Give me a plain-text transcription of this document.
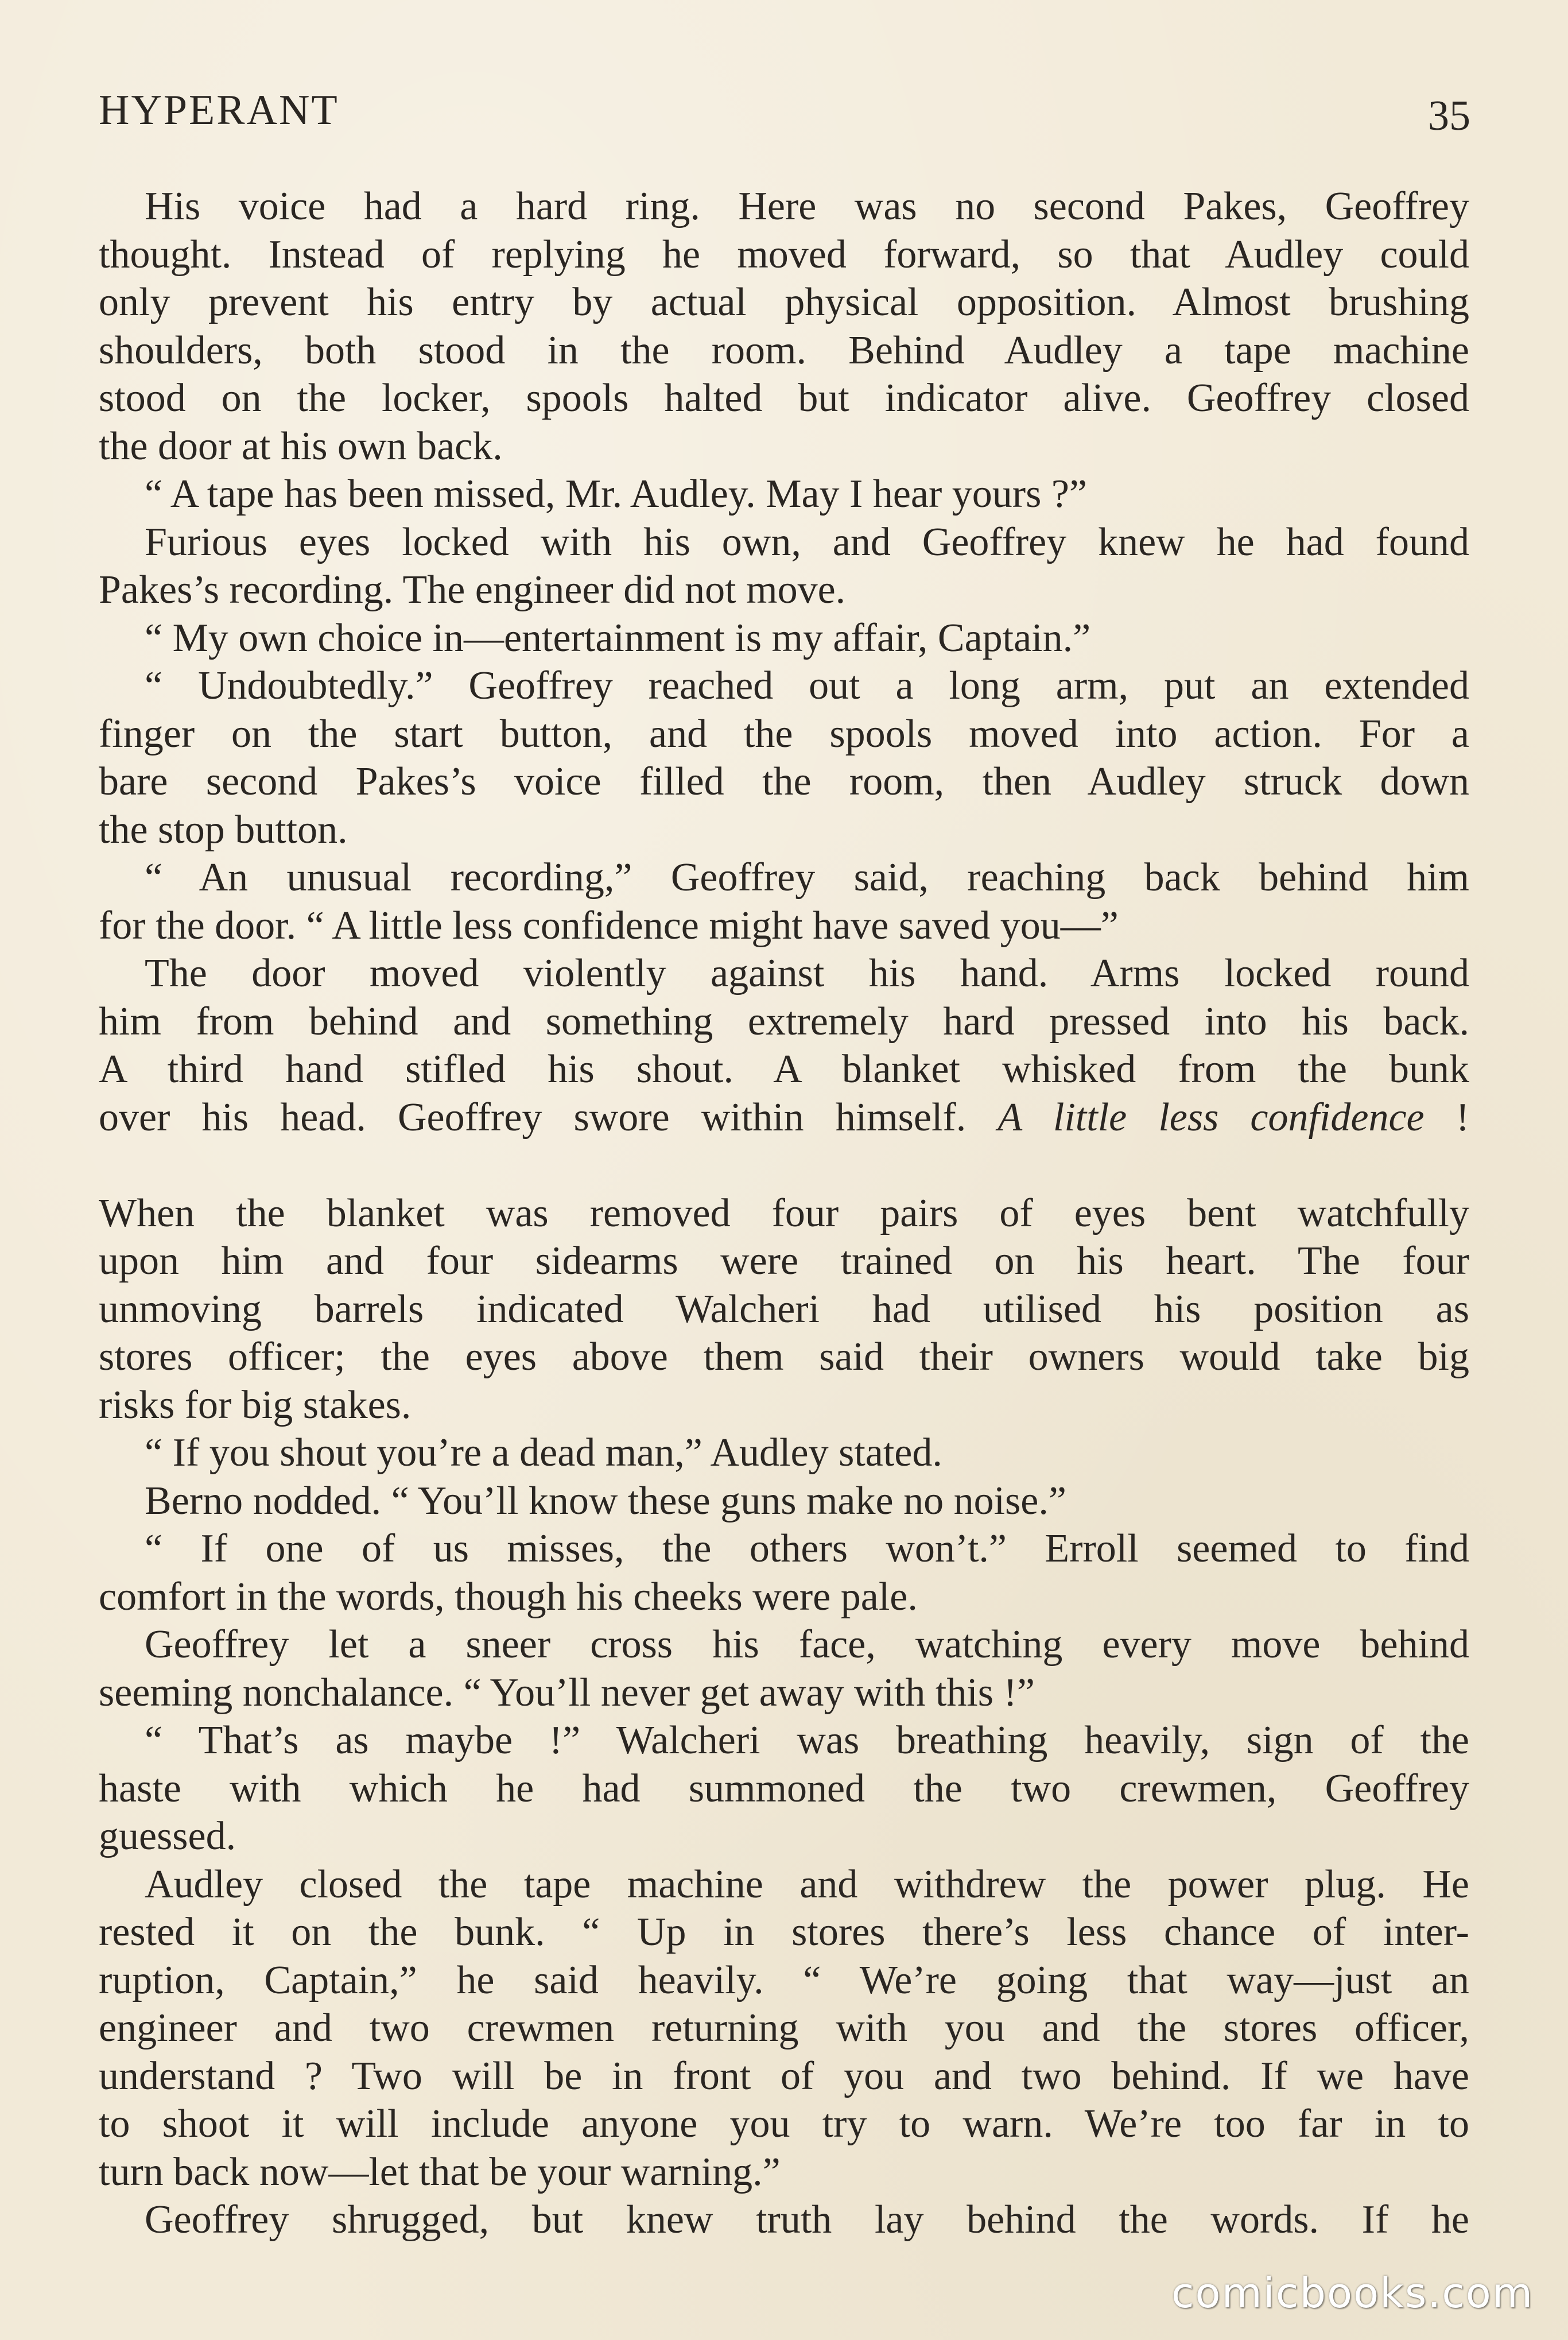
HYPERANT	35
His voice had a hard ring. Here was no second Pakes, Geoffrey
thought. Instead of replying he moved forward, so that Audley could
only prevent his entry by actual physical opposition. Almost brushing
shoulders, both stood in the room. Behind Audley a tape machine
stood on the locker, spools halted but indicator alive. Geoffrey closed
the door at his own back.
“ A tape has been missed, Mr. Audley. May I hear yours ?”
Furious eyes locked with his own, and Geoffrey knew he had found
Pakes’s recording. The engineer did not move.
“ My own choice in—entertainment is my affair, Captain.”
“ Undoubtedly.” Geoffrey reached out a long arm, put an extended
finger on the start button, and the spools moved into action. For a
bare second Pakes’s voice filled the room, then Audley struck down
the stop button.
“ An unusual recording,” Geoffrey said, reaching back behind him
for the door. “ A little less confidence might have saved you—”
The door moved violently against his hand. Arms locked round
him from behind and something extremely hard pressed into his back.
A third hand stifled his shout. A blanket whisked from the bunk
over his head. Geoffrey swore within himself. A little less confidence !
When the blanket was removed four pairs of eyes bent watchfully
upon him and four sidearms were trained on his heart. The four
unmoving barrels indicated Walcheri had utilised his position as
stores officer; the eyes above them said their owners would take big
risks for big stakes.
“ If you shout you’re a dead man,” Audley stated.
Berno nodded. “ You’ll know these guns make no noise.”
“ If one of us misses, the others won’t.” Erroll seemed to find
comfort in the words, though his cheeks were pale.
Geoffrey let a sneer cross his face, watching every move behind
seeming nonchalance. “ You’ll never get away with this !”
“ That’s as maybe !” Walcheri was breathing heavily, sign of the
haste with which he had summoned the two crewmen, Geoffrey
guessed.
Audley closed the tape machine and withdrew the power plug. He
rested it on the bunk. “ Up in stores there’s less chance of inter-
ruption, Captain,” he said heavily. “ We’re going that way—just an
engineer and two crewmen returning with you and the stores officer,
understand ? Two will be in front of you and two behind. If we have
to shoot it will include anyone you try to warn. We’re too far in to
turn back now—let that be your warning.”
Geoffrey shrugged, but knew truth lay behind the words. If he
comicbooks.com
